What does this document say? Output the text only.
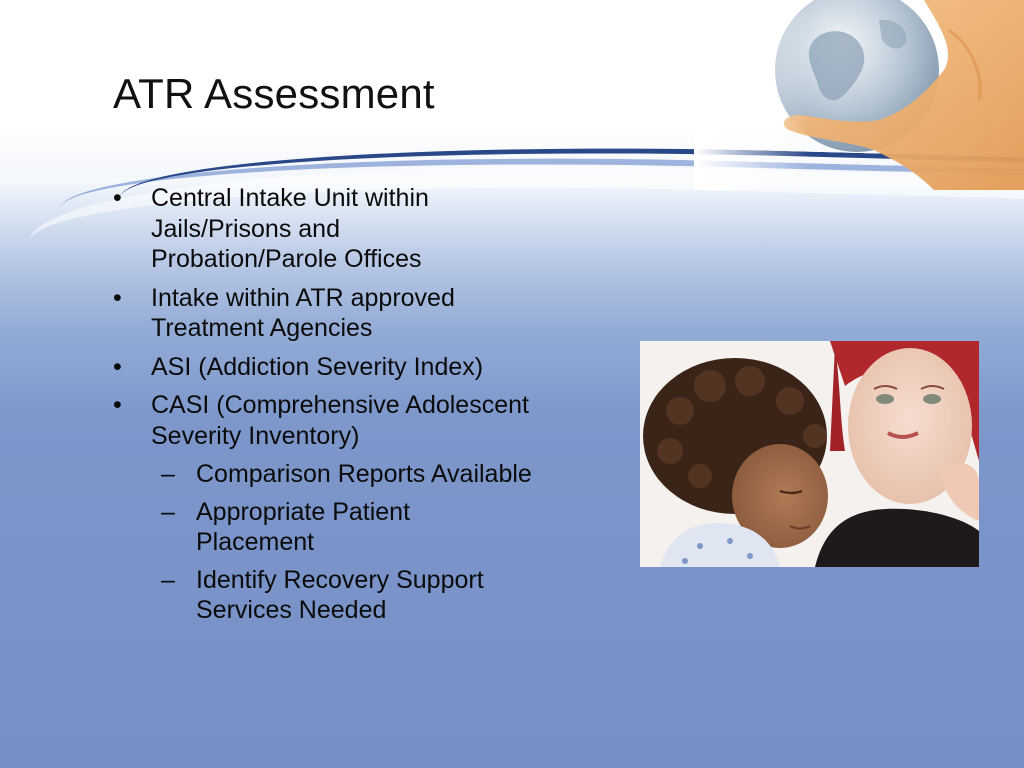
ATR Assessment
• Central Intake Unit within Jails/Prisons and Probation/Parole Offices
• Intake within ATR approved Treatment Agencies
• ASI (Addiction Severity Index)
• CASI (Comprehensive Adolescent Severity Inventory)
– Comparison Reports Available
– Appropriate Patient Placement
– Identify Recovery Support Services Needed
